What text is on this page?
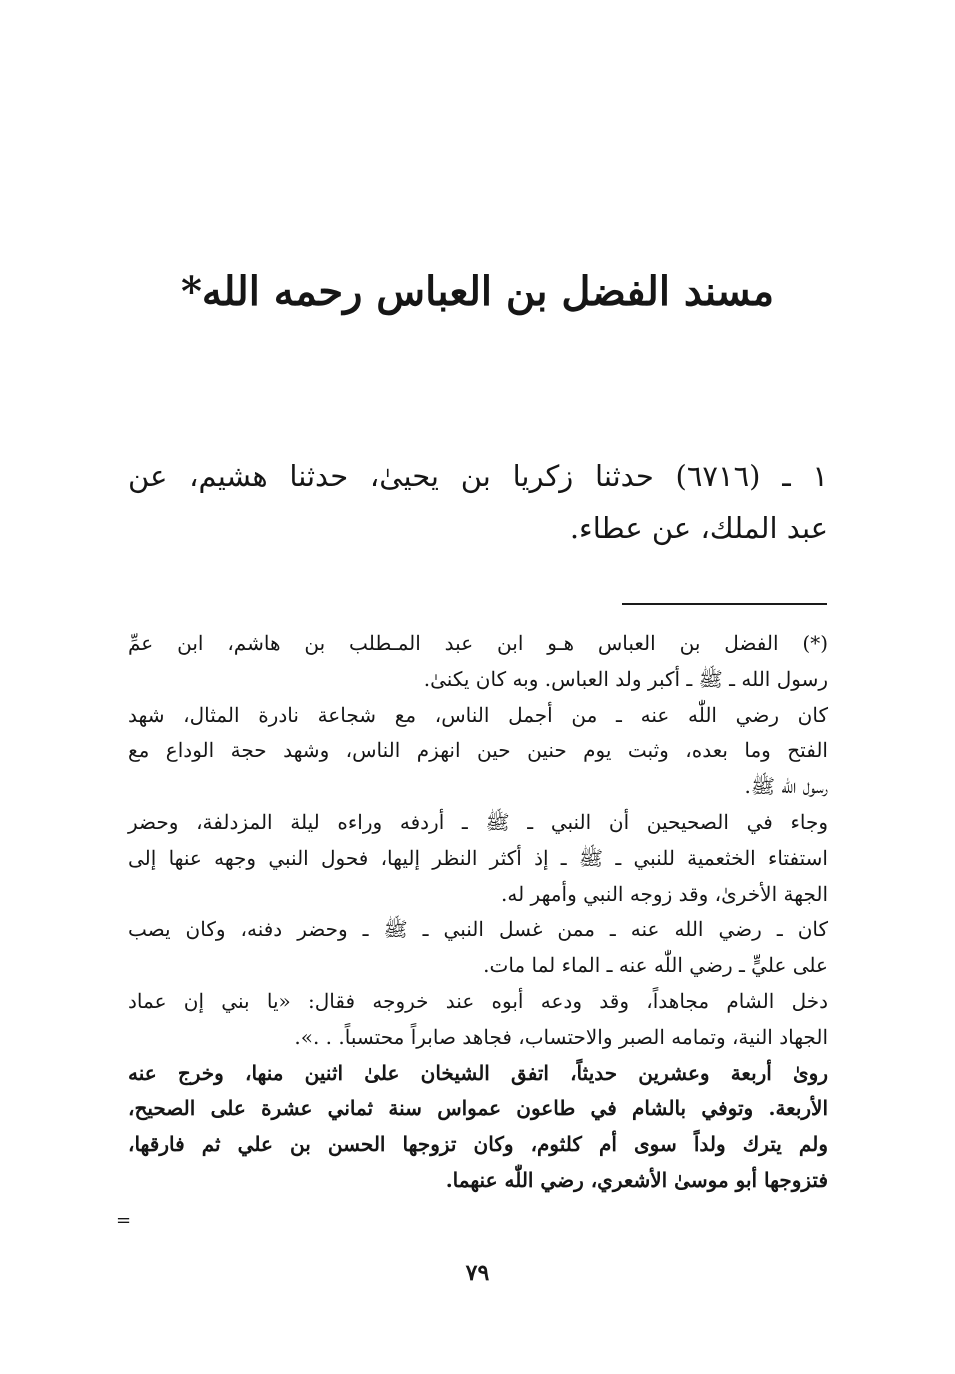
مسند الفضل بن العباس رحمه الله*
١ ـ (٦٧١٦) حدثنا زكريا بن يحيىٰ، حدثنا هشيم، عن
عبد الملك، عن عطاء.
(*) الفضل بن العباس هـو ابن عبد المـطلب بن هاشم، ابن عمِّ
رسول الله ـ ﷺ ـ أكبر ولد العباس. وبه كان يكنىٰ.
كان رضي اللّٰه عنه ـ من أجمل الناس، مع شجاعة نادرة المثال، شهد
الفتح وما بعده، وثبت يوم حنين حين انهزم الناس، وشهد حجة الوداع مع
رسول اللّٰه ﷺ.
وجاء في الصحيحين أن النبي ـ ﷺ ـ أردفه وراءه ليلة المزدلفة، وحضر
استفتاء الخثعمية للنبي ـ ﷺ ـ إذ أكثر النظر إليها، فحول النبي وجهه عنها إلى
الجهة الأخرىٰ، وقد زوجه النبي وأمهر له.
كان ـ رضي الله عنه ـ ممن غسل النبي ـ ﷺ ـ وحضر دفنه، وكان يصب
على عليٍّ ـ رضي اللّٰه عنه ـ الماء لما مات.
دخل الشام مجاهداً، وقد ودعه أبوه عند خروجه فقال: «يا بني إن عماد
الجهاد النية، وتمامه الصبر والاحتساب، فجاهد صابراً محتسباً. . .».
روىٰ أربعة وعشرين حديثاً، اتفق الشيخان علىٰ اثنين منها، وخرج عنه
الأربعة. وتوفي بالشام في طاعون عمواس سنة ثماني عشرة على الصحيح،
ولم يترك ولداً سوى أم كلثوم، وكان تزوجها الحسن بن علي ثم فارقها،
فتزوجها أبو موسىٰ الأشعري، رضي اللّٰه عنهما.
=
٧٩
